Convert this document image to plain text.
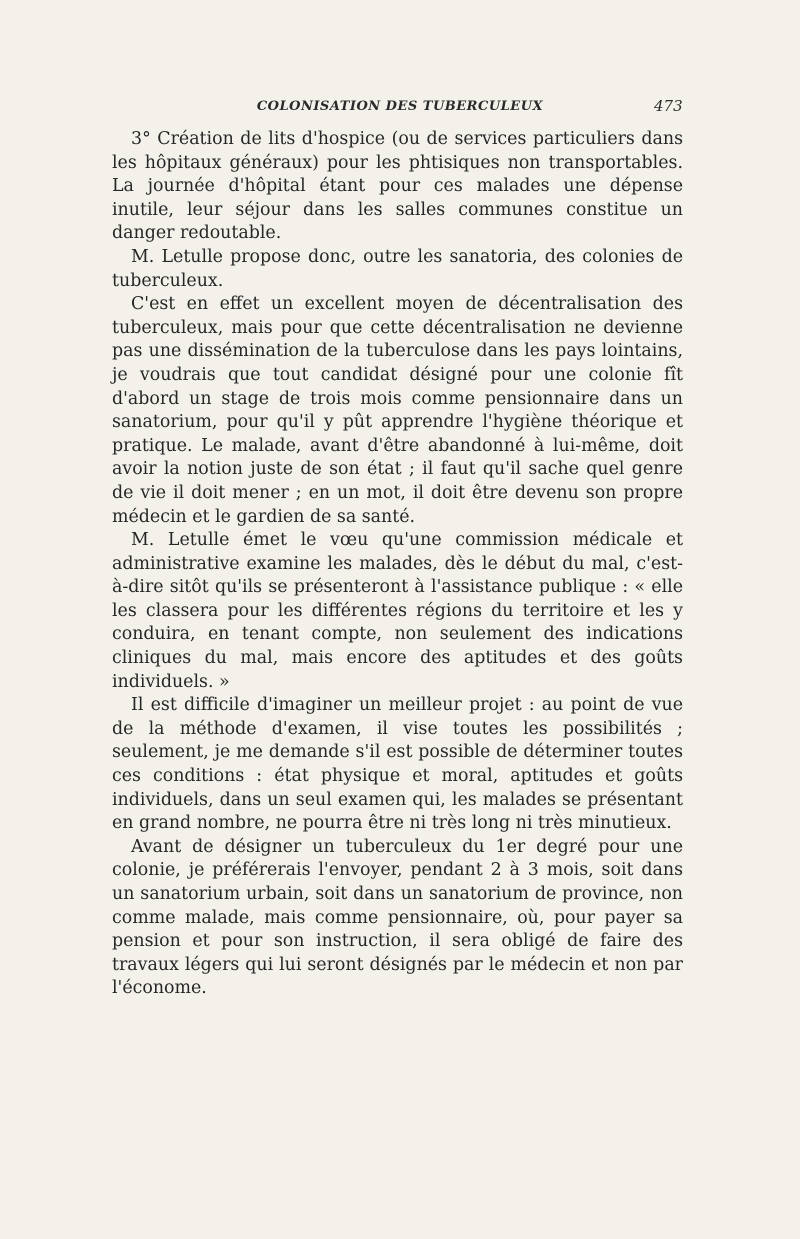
COLONISATION DES TUBERCULEUX	473

3° Création de lits d'hospice (ou de services particuliers dans les hôpitaux généraux) pour les phtisiques non transportables. La journée d'hôpital étant pour ces malades une dépense inutile, leur séjour dans les salles communes constitue un danger redoutable.

M. Letulle propose donc, outre les sanatoria, des colonies de tuberculeux.

C'est en effet un excellent moyen de décentralisation des tuberculeux, mais pour que cette décentralisation ne devienne pas une dissémination de la tuberculose dans les pays lointains, je voudrais que tout candidat désigné pour une colonie fît d'abord un stage de trois mois comme pensionnaire dans un sanatorium, pour qu'il y pût apprendre l'hygiène théorique et pratique. Le malade, avant d'être abandonné à lui-même, doit avoir la notion juste de son état ; il faut qu'il sache quel genre de vie il doit mener ; en un mot, il doit être devenu son propre médecin et le gardien de sa santé.

M. Letulle émet le vœu qu'une commission médicale et administrative examine les malades, dès le début du mal, c'est-à-dire sitôt qu'ils se présenteront à l'assistance publique : « elle les classera pour les différentes régions du territoire et les y conduira, en tenant compte, non seulement des indications cliniques du mal, mais encore des aptitudes et des goûts individuels. »

Il est difficile d'imaginer un meilleur projet : au point de vue de la méthode d'examen, il vise toutes les possibilités ; seulement, je me demande s'il est possible de déterminer toutes ces conditions : état physique et moral, aptitudes et goûts individuels, dans un seul examen qui, les malades se présentant en grand nombre, ne pourra être ni très long ni très minutieux.

Avant de désigner un tuberculeux du 1er degré pour une colonie, je préférerais l'envoyer, pendant 2 à 3 mois, soit dans un sanatorium urbain, soit dans un sanatorium de province, non comme malade, mais comme pensionnaire, où, pour payer sa pension et pour son instruction, il sera obligé de faire des travaux légers qui lui seront désignés par le médecin et non par l'économe.
